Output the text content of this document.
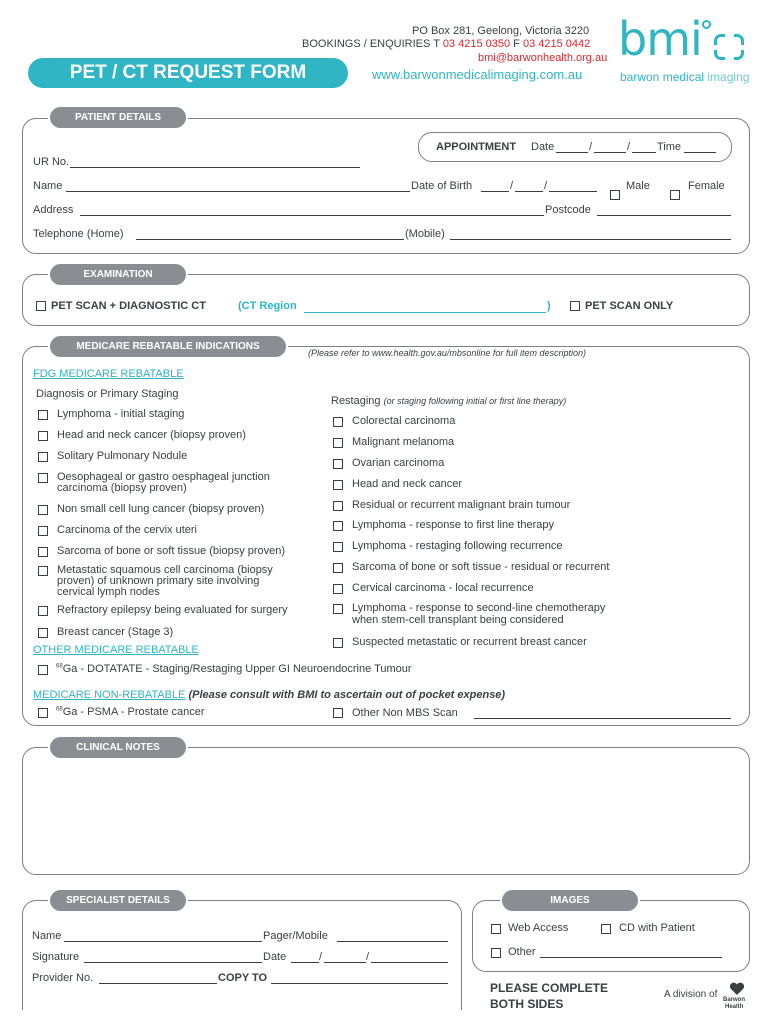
PO Box 281, Geelong, Victoria 3220
BOOKINGS / ENQUIRIES T 03 4215 0350 F 03 4215 0442
bmi@barwonhealth.org.au
www.barwonmedicalimaging.com.au
PET / CT REQUEST FORM
bmi
barwon medical imaging
PATIENT DETAILS
APPOINTMENT Date	/	/ Time
UR No.
Name	Date of Birth	/	/	Male	Female
Address	Postcode
Telephone (Home)	(Mobile)
EXAMINATION
PET SCAN + DIAGNOSTIC CT	(CT Region	)	PET SCAN ONLY
MEDICARE REBATABLE INDICATIONS
(Please refer to www.health.gov.au/mbsonline for full item description)
FDG MEDICARE REBATABLE
Diagnosis or Primary Staging
Lymphoma - initial staging
Head and neck cancer (biopsy proven)
Solitary Pulmonary Nodule
Oesophageal or gastro oesphageal junction
carcinoma (biopsy proven)
Non small cell lung cancer (biopsy proven)
Carcinoma of the cervix uteri
Sarcoma of bone or soft tissue (biopsy proven)
Metastatic squamous cell carcinoma (biopsy
proven) of unknown primary site involving
cervical lymph nodes
Refractory epilepsy being evaluated for surgery
Breast cancer (Stage 3)
Restaging (or staging following initial or first line therapy)
Colorectal carcinoma
Malignant melanoma
Ovarian carcinoma
Head and neck cancer
Residual or recurrent malignant brain tumour
Lymphoma - response to first line therapy
Lymphoma - restaging following recurrence
Sarcoma of bone or soft tissue - residual or recurrent
Cervical carcinoma - local recurrence
Lymphoma - response to second-line chemotherapy
when stem-cell transplant being considered
Suspected metastatic or recurrent breast cancer
OTHER MEDICARE REBATABLE
$^{68}$Ga - DOTATATE - Staging/Restaging Upper GI Neuroendocrine Tumour
MEDICARE NON-REBATABLE (Please consult with BMI to ascertain out of pocket expense)
$^{68}$Ga - PSMA - Prostate cancer	Other Non MBS Scan
CLINICAL NOTES
SPECIALIST DETAILS
Name	Pager/Mobile
Signature	Date	/	/
Provider No.	COPY TO
IMAGES
Web Access	CD with Patient
Other
PLEASE COMPLETE
BOTH SIDES
A division of Barwon
Health
